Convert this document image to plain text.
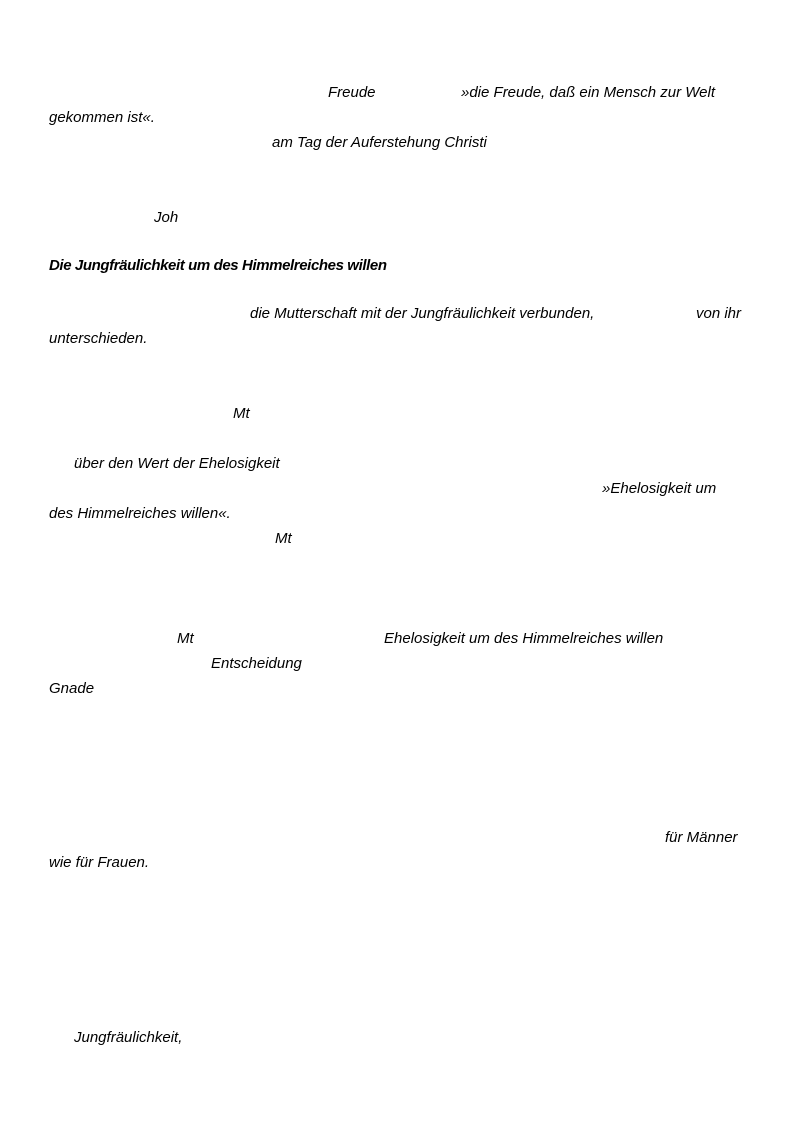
Freude	»die Freude, daß ein Mensch zur Welt
gekommen ist«.
am Tag der Auferstehung Christi
Joh
Die Jungfräulichkeit um des Himmelreiches willen
die Mutterschaft mit der Jungfräulichkeit verbunden,	von ihr
unterschieden.
Mt
über den Wert der Ehelosigkeit
»Ehelosigkeit um
des Himmelreiches willen«.
Mt
Mt	Ehelosigkeit um des Himmelreiches willen
Entscheidung
Gnade
für Männer
wie für Frauen.
Jungfräulichkeit,
